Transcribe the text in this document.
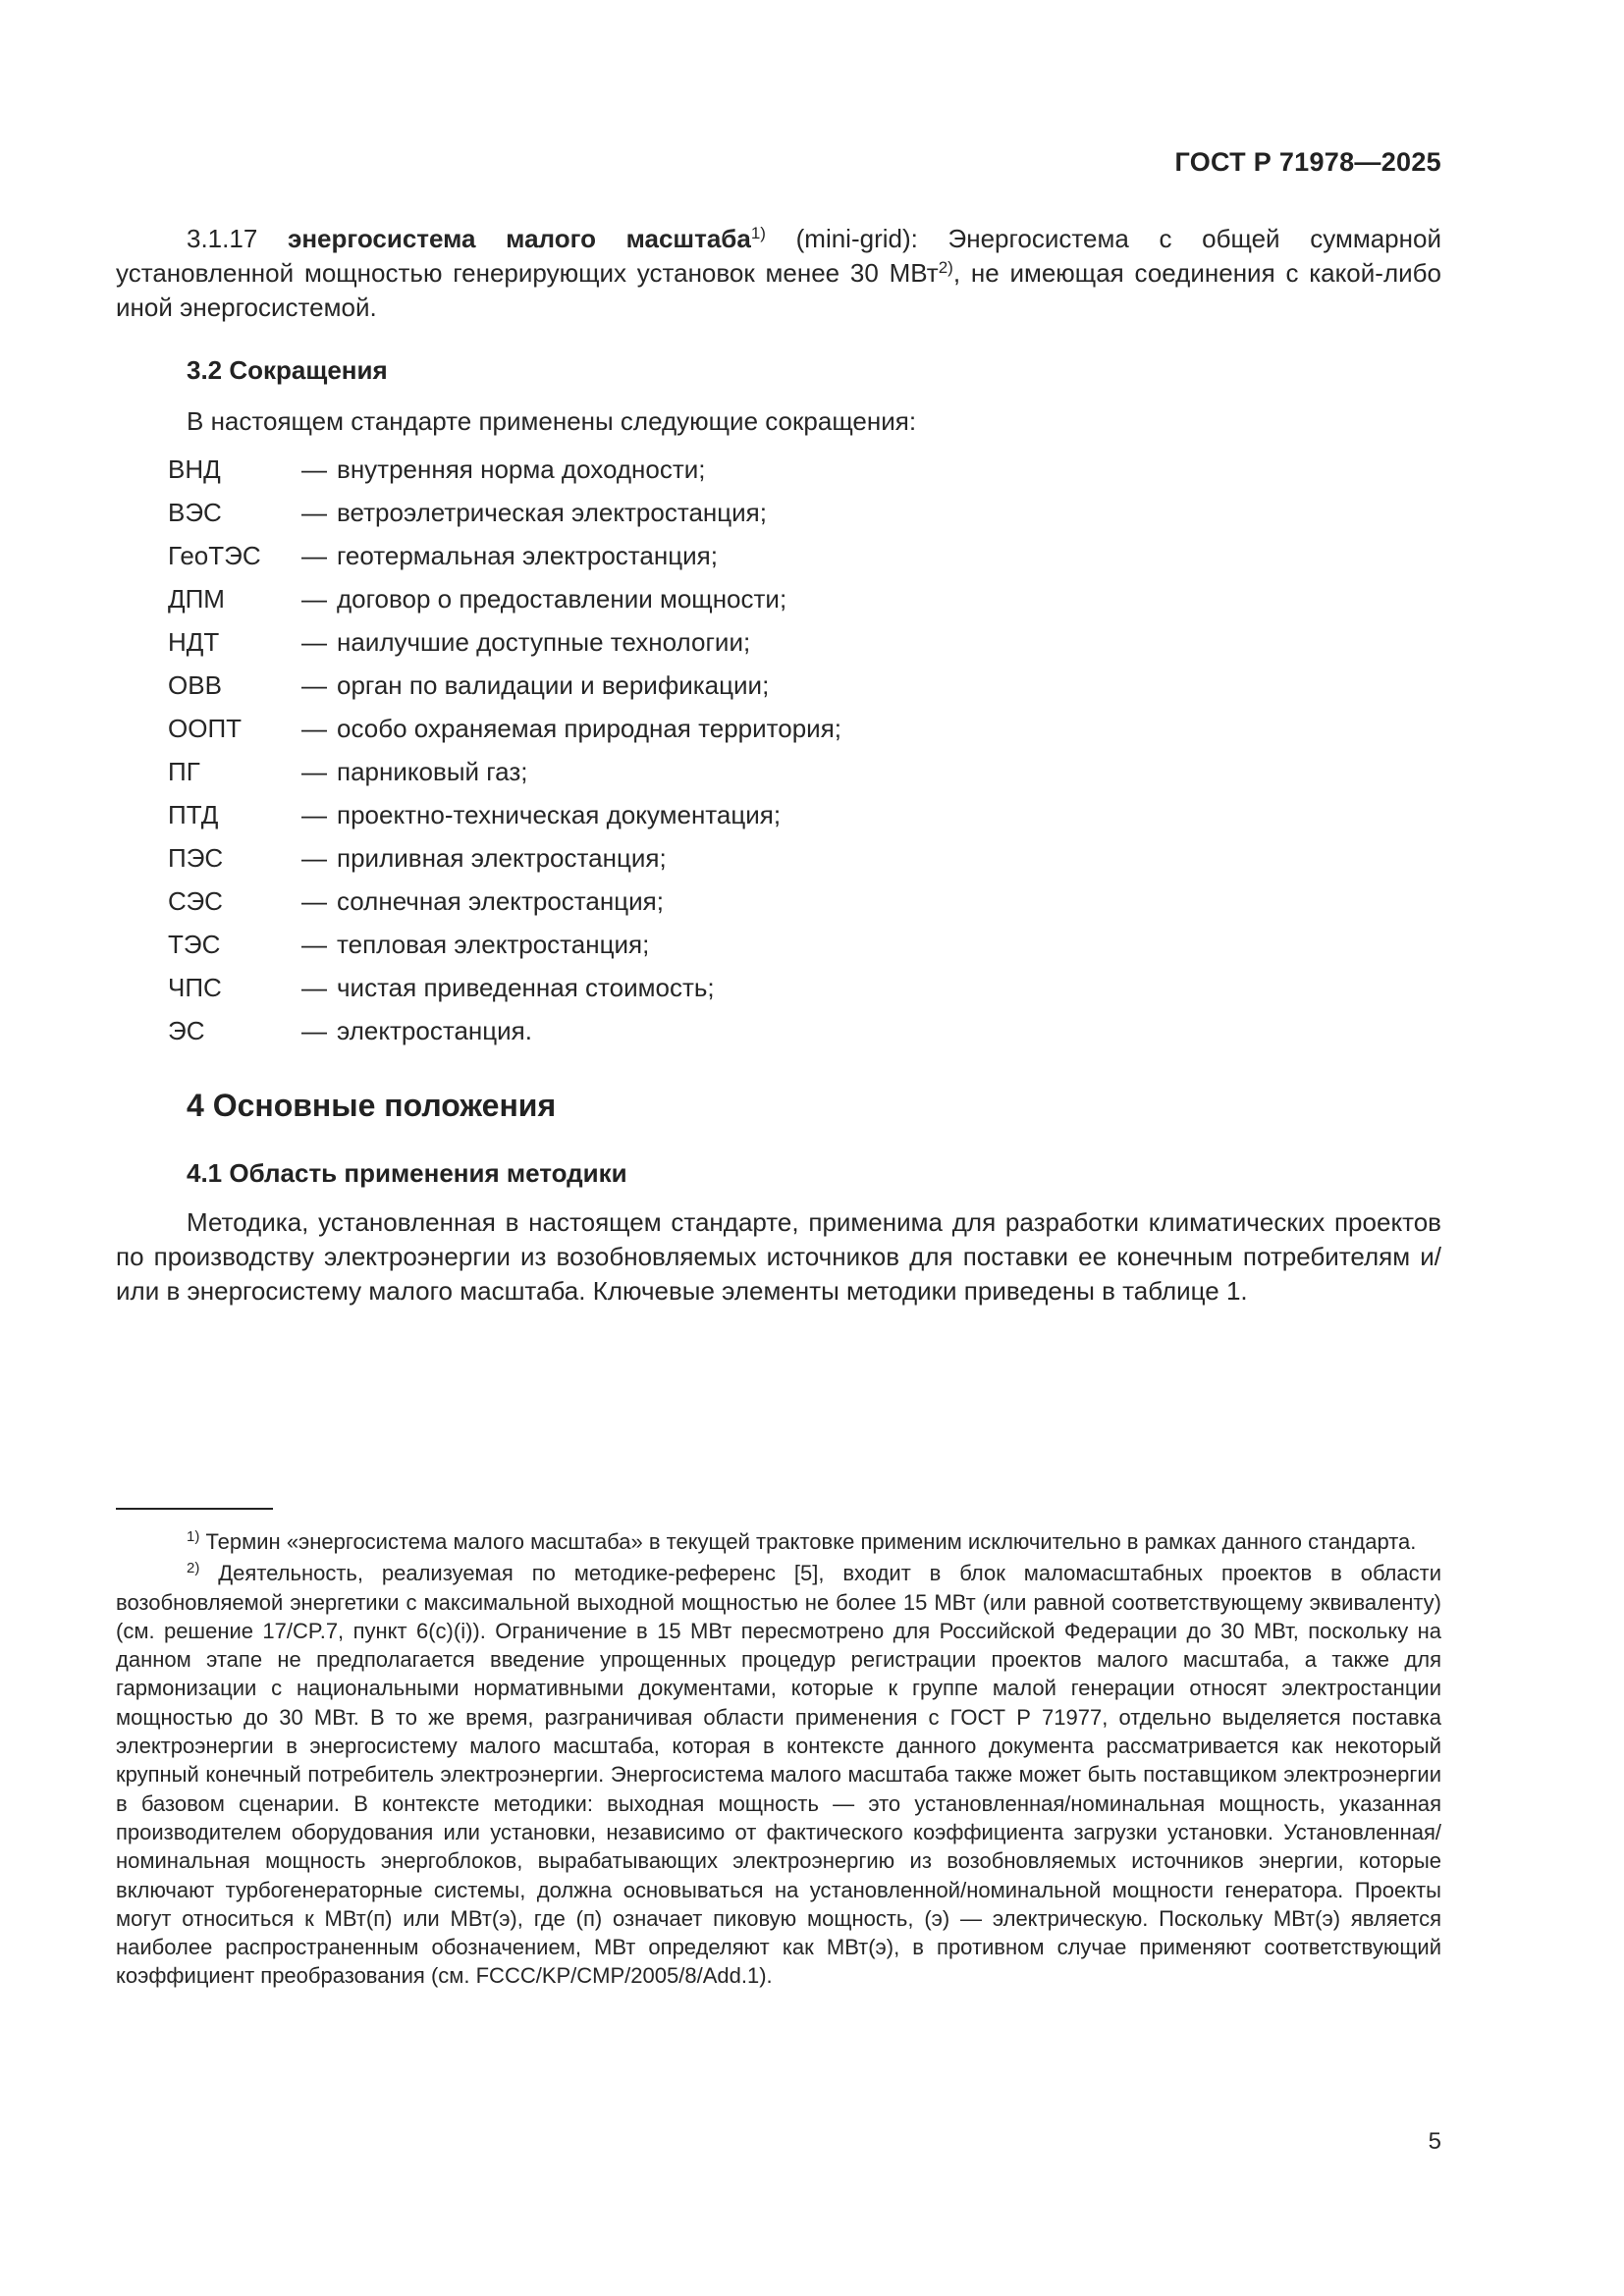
ГОСТ Р 71978—2025

3.1.17 энергосистема малого масштаба$^{1)}$ (mini-grid): Энергосистема с общей суммарной установленной мощностью генерирующих установок менее 30 МВт$^{2)}$, не имеющая соединения с какой-либо иной энергосистемой.

3.2 Сокращения

В настоящем стандарте применены следующие сокращения:

ВНД	— внутренняя норма доходности;
ВЭС	— ветроэлетрическая электростанция;
ГеоТЭС	— геотермальная электростанция;
ДПМ	— договор о предоставлении мощности;
НДТ	— наилучшие доступные технологии;
ОВВ	— орган по валидации и верификации;
ООПТ	— особо охраняемая природная территория;
ПГ	— парниковый газ;
ПТД	— проектно-техническая документация;
ПЭС	— приливная электростанция;
СЭС	— солнечная электростанция;
ТЭС	— тепловая электростанция;
ЧПС	— чистая приведенная стоимость;
ЭС	— электростанция.
4 Основные положения
4.1 Область применения методики

Методика, установленная в настоящем стандарте, применима для разработки климатических проектов по производству электроэнергии из возобновляемых источников для поставки ее конечным потребителям и/или в энергосистему малого масштаба. Ключевые элементы методики приведены в таблице 1.

$^{1)}$ Термин «энергосистема малого масштаба» в текущей трактовке применим исключительно в рамках данного стандарта.

$^{2)}$ Деятельность, реализуемая по методике-референс [5], входит в блок маломасштабных проектов в области возобновляемой энергетики с максимальной выходной мощностью не более 15 МВт (или равной соответствующему эквиваленту) (см. решение 17/CP.7, пункт 6(c)(i)). Ограничение в 15 МВт пересмотрено для Российской Федерации до 30 МВт, поскольку на данном этапе не предполагается введение упрощенных процедур регистрации проектов малого масштаба, а также для гармонизации с национальными нормативными документами, которые к группе малой генерации относят электростанции мощностью до 30 МВт. В то же время, разграничивая области применения с ГОСТ Р 71977, отдельно выделяется поставка электроэнергии в энергосистему малого масштаба, которая в контексте данного документа рассматривается как некоторый крупный конечный потребитель электроэнергии. Энергосистема малого масштаба также может быть поставщиком электроэнергии в базовом сценарии. В контексте методики: выходная мощность — это установленная/номинальная мощность, указанная производителем оборудования или установки, независимо от фактического коэффициента загрузки установки. Установленная/номинальная мощность энергоблоков, вырабатывающих электроэнергию из возобновляемых источников энергии, которые включают турбогенераторные системы, должна основываться на установленной/номинальной мощности генератора. Проекты могут относиться к МВт(п) или МВт(э), где (п) означает пиковую мощность, (э) — электрическую. Поскольку МВт(э) является наиболее распространенным обозначением, МВт определяют как МВт(э), в противном случае применяют соответствующий коэффициент преобразования (см. FCCC/KP/CMP/2005/8/Add.1).

5
